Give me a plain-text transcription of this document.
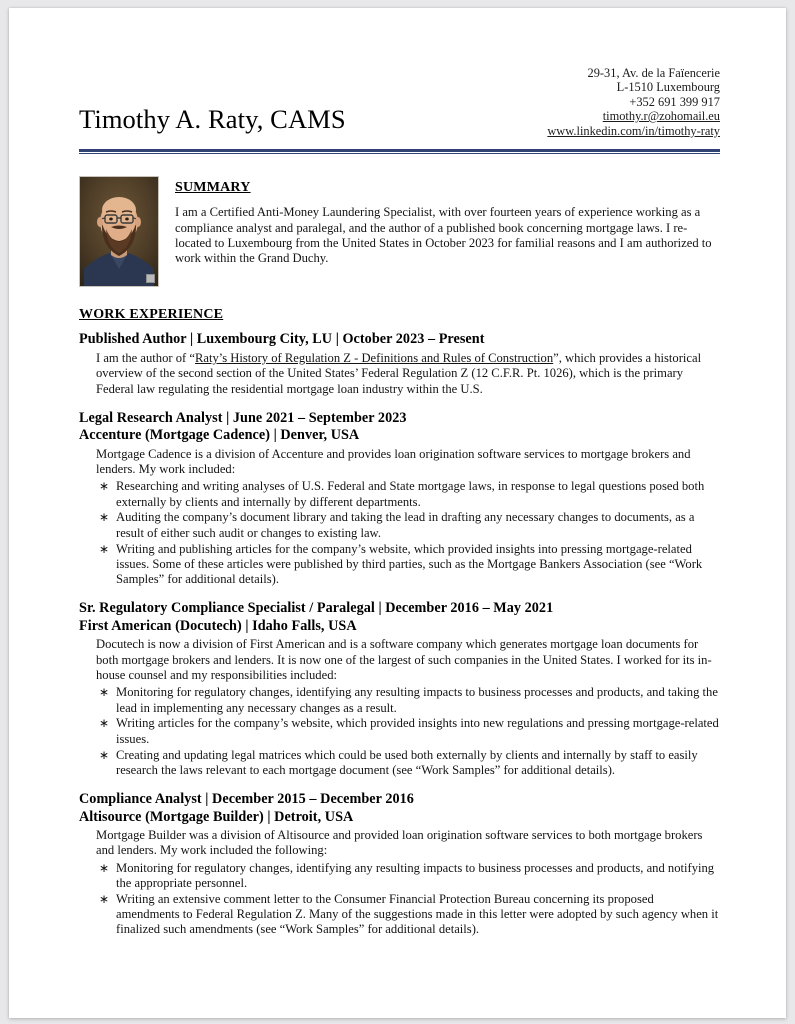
Timothy A. Raty, CAMS
29-31, Av. de la Faïencerie
L-1510 Luxembourg
+352 691 399 917
timothy.r@zohomail.eu
www.linkedin.com/in/timothy-raty
SUMMARY
I am a Certified Anti-Money Laundering Specialist, with over fourteen years of experience working as a compliance analyst and paralegal, and the author of a published book concerning mortgage laws. I re-located to Luxembourg from the United States in October 2023 for familial reasons and I am authorized to work within the Grand Duchy.
WORK EXPERIENCE
Published Author | Luxembourg City, LU | October 2023 – Present
I am the author of “Raty’s History of Regulation Z - Definitions and Rules of Construction”, which provides a historical overview of the second section of the United States’ Federal Regulation Z (12 C.F.R. Pt. 1026), which is the primary Federal law regulating the residential mortgage loan industry within the U.S.
Legal Research Analyst | June 2021 – September 2023
Accenture (Mortgage Cadence) | Denver, USA
Mortgage Cadence is a division of Accenture and provides loan origination software services to mortgage brokers and lenders. My work included:
∗ Researching and writing analyses of U.S. Federal and State mortgage laws, in response to legal questions posed both externally by clients and internally by different departments.
∗ Auditing the company’s document library and taking the lead in drafting any necessary changes to documents, as a result of either such audit or changes to existing law.
∗ Writing and publishing articles for the company’s website, which provided insights into pressing mortgage-related issues. Some of these articles were published by third parties, such as the Mortgage Bankers Association (see “Work Samples” for additional details).
Sr. Regulatory Compliance Specialist / Paralegal | December 2016 – May 2021
First American (Docutech) | Idaho Falls, USA
Docutech is now a division of First American and is a software company which generates mortgage loan documents for both mortgage brokers and lenders. It is now one of the largest of such companies in the United States. I worked for its in-house counsel and my responsibilities included:
∗ Monitoring for regulatory changes, identifying any resulting impacts to business processes and products, and taking the lead in implementing any necessary changes as a result.
∗ Writing articles for the company’s website, which provided insights into new regulations and pressing mortgage-related issues.
∗ Creating and updating legal matrices which could be used both externally by clients and internally by staff to easily research the laws relevant to each mortgage document (see “Work Samples” for additional details).
Compliance Analyst | December 2015 – December 2016
Altisource (Mortgage Builder) | Detroit, USA
Mortgage Builder was a division of Altisource and provided loan origination software services to both mortgage brokers and lenders. My work included the following:
∗ Monitoring for regulatory changes, identifying any resulting impacts to business processes and products, and notifying the appropriate personnel.
∗ Writing an extensive comment letter to the Consumer Financial Protection Bureau concerning its proposed amendments to Federal Regulation Z. Many of the suggestions made in this letter were adopted by such agency when it finalized such amendments (see “Work Samples” for additional details).
